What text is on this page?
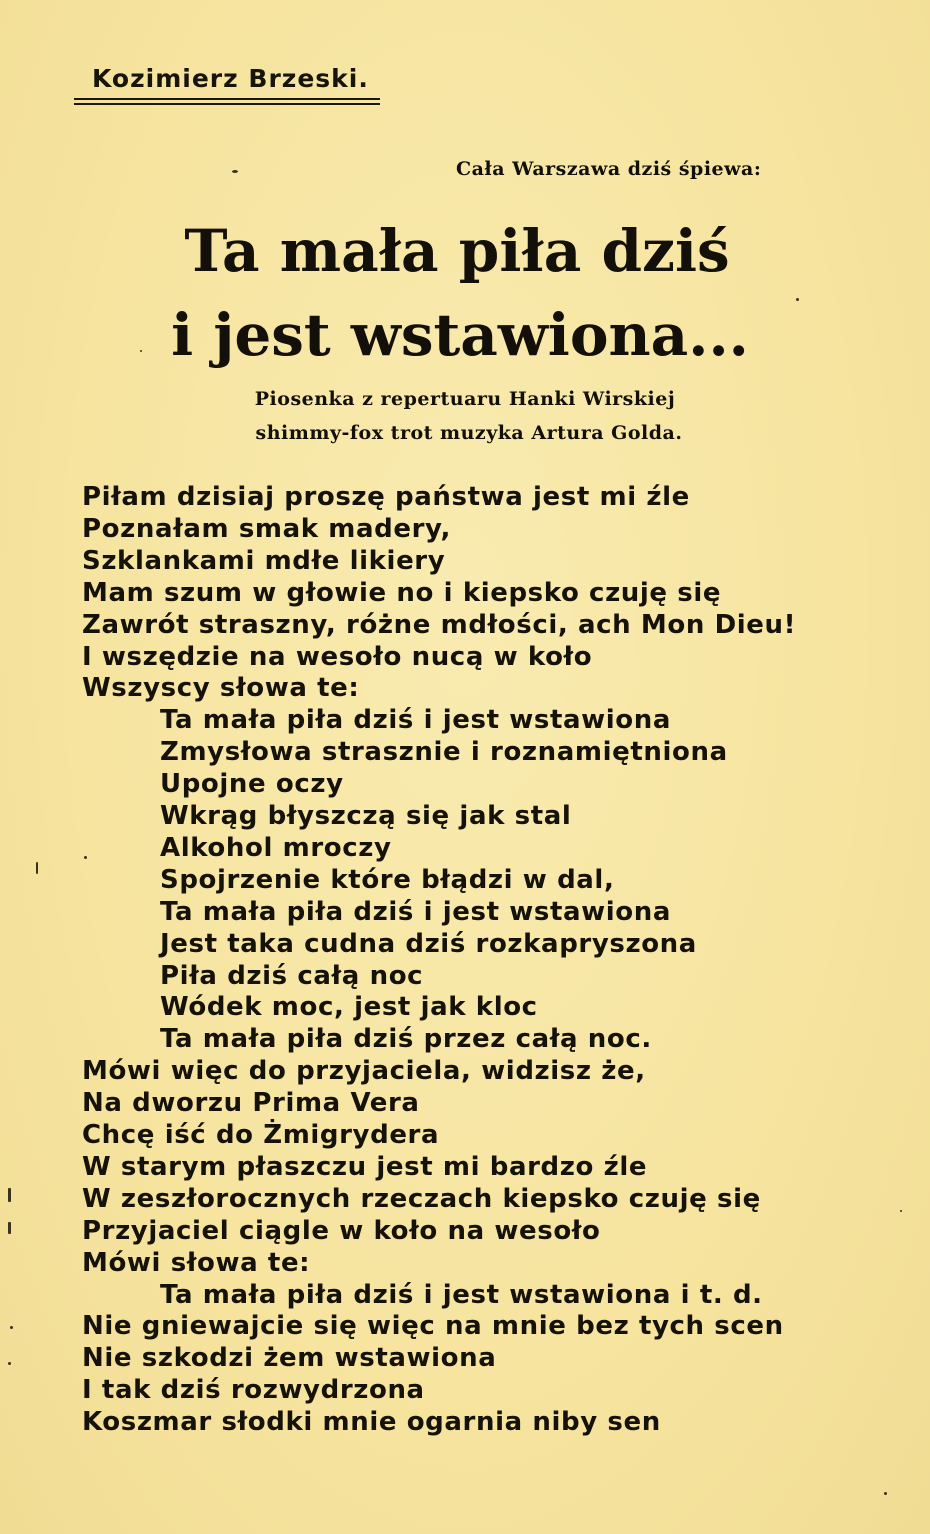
Kozimierz Brzeski.
Cała Warszawa dziś śpiewa:
Ta mała piła dziś
i jest wstawiona...
Piosenka z repertuaru Hanki Wirskiej
shimmy-fox trot muzyka Artura Golda.
Piłam dzisiaj proszę państwa jest mi źle
Poznałam smak madery,
Szklankami mdłe likiery
Mam szum w głowie no i kiepsko czuję się
Zawrót straszny, różne mdłości, ach Mon Dieu!
I wszędzie na wesoło nucą w koło
Wszyscy słowa te:
Ta mała piła dziś i jest wstawiona
Zmysłowa strasznie i roznamiętniona
Upojne oczy
Wkrąg błyszczą się jak stal
Alkohol mroczy
Spojrzenie które błądzi w dal,
Ta mała piła dziś i jest wstawiona
Jest taka cudna dziś rozkapryszona
Piła dziś całą noc
Wódek moc, jest jak kloc
Ta mała piła dziś przez całą noc.
Mówi więc do przyjaciela, widzisz że,
Na dworzu Prima Vera
Chcę iść do Żmigrydera
W starym płaszczu jest mi bardzo źle
W zeszłorocznych rzeczach kiepsko czuję się
Przyjaciel ciągle w koło na wesoło
Mówi słowa te:
Ta mała piła dziś i jest wstawiona i t. d.
Nie gniewajcie się więc na mnie bez tych scen
Nie szkodzi żem wstawiona
I tak dziś rozwydrzona
Koszmar słodki mnie ogarnia niby sen
